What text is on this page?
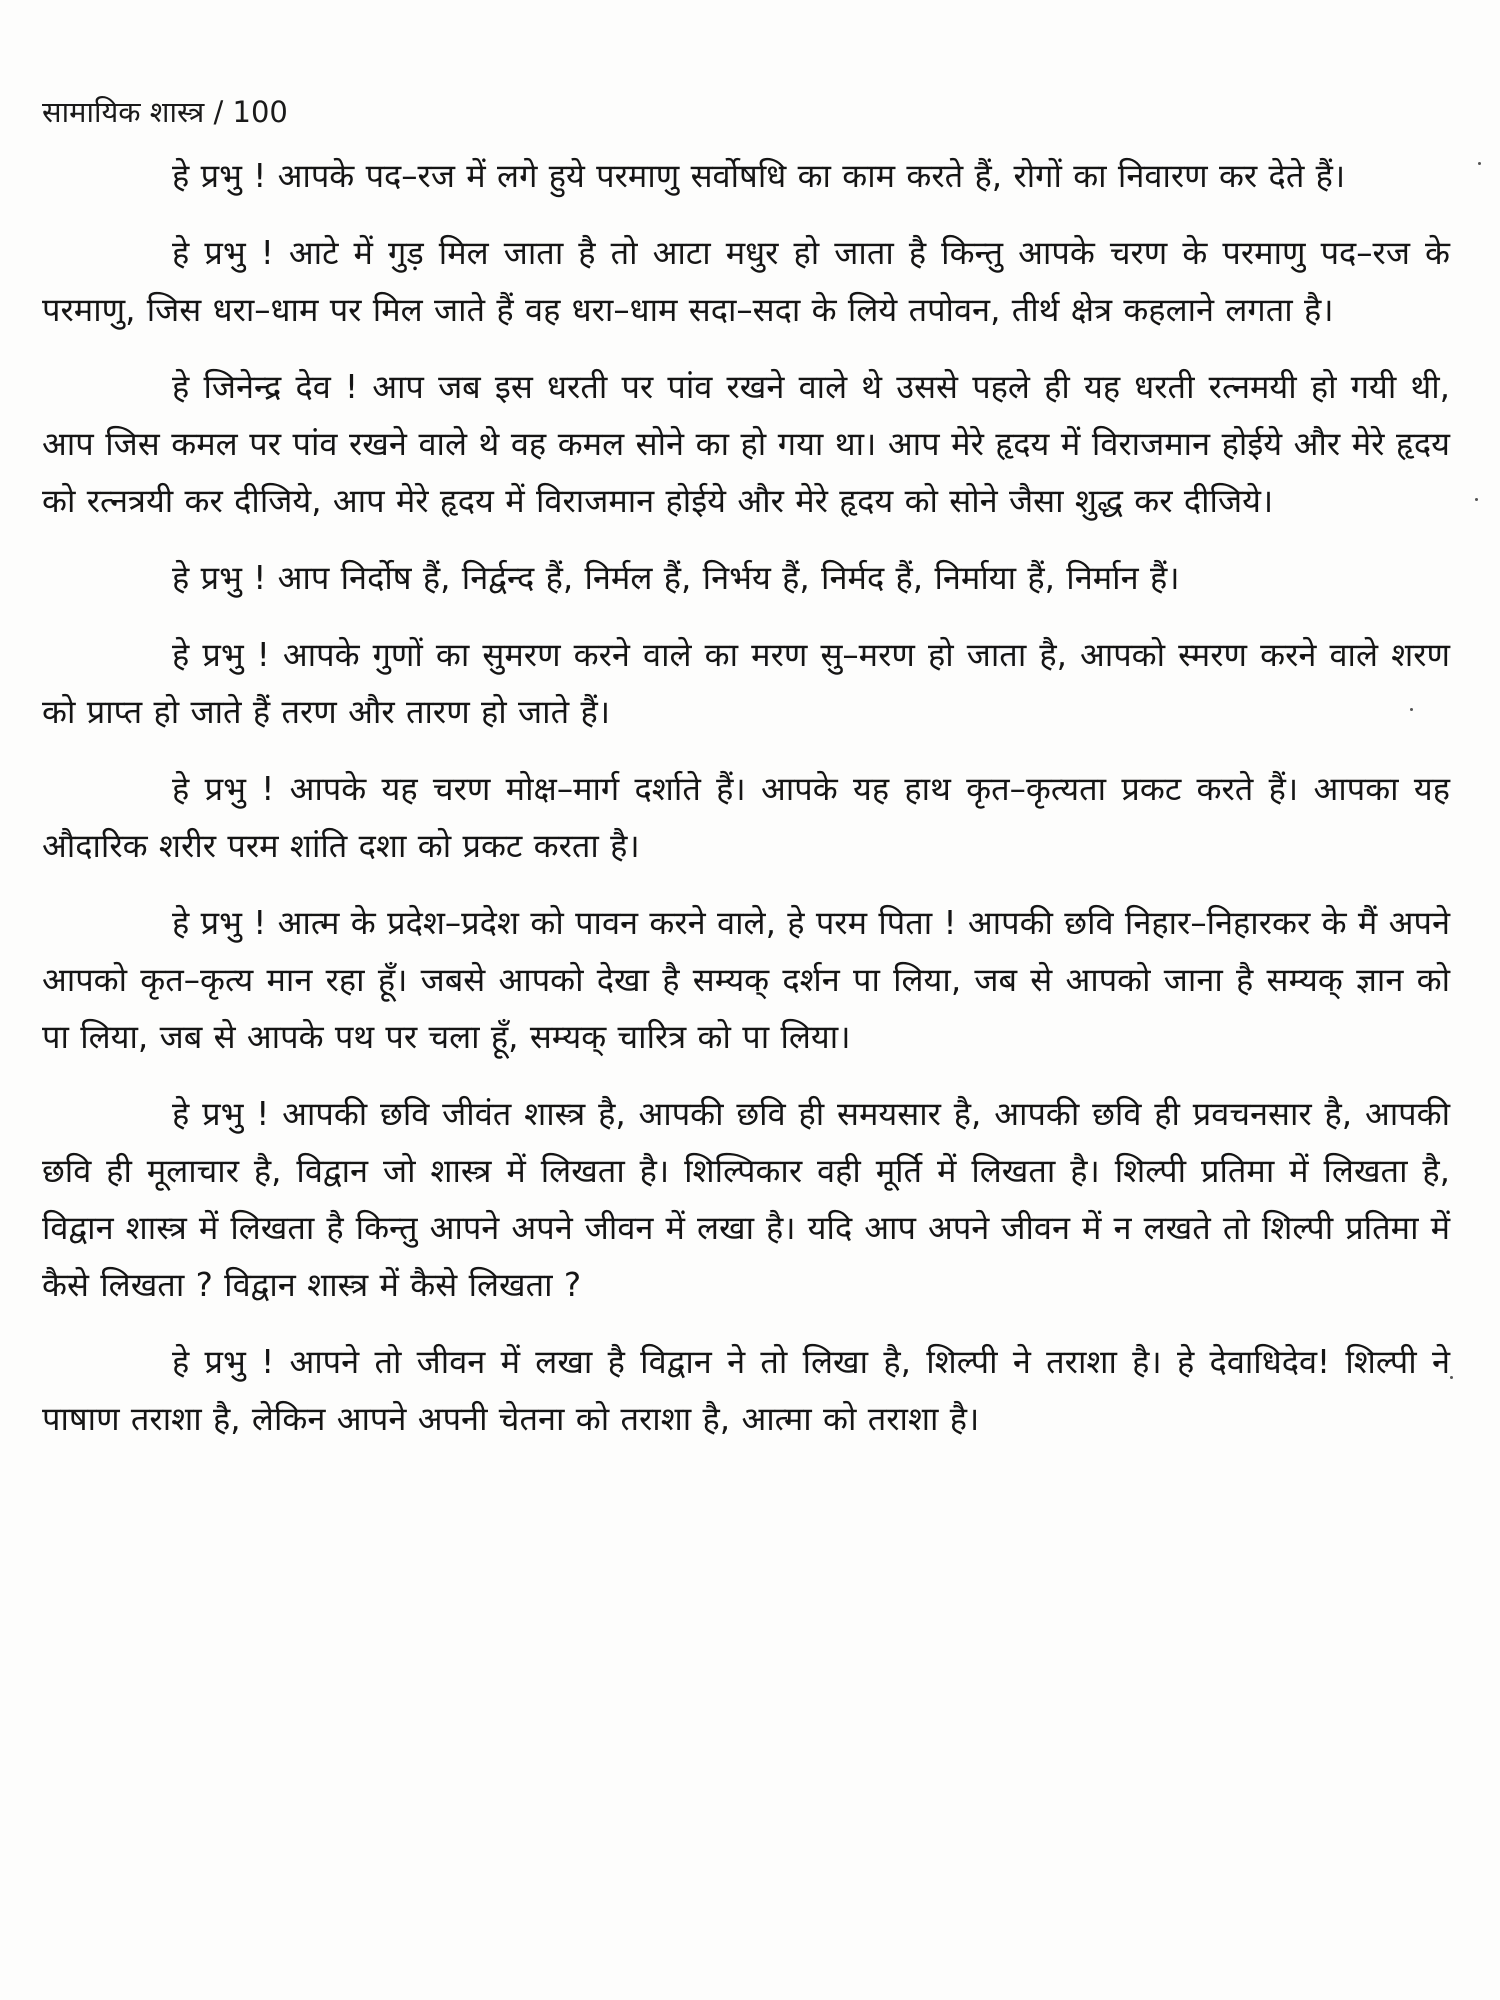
सामायिक शास्त्र / 100

हे प्रभु ! आपके पद–रज में लगे हुये परमाणु सर्वोषधि का काम करते हैं, रोगों का निवारण कर देते हैं।

हे प्रभु ! आटे में गुड़ मिल जाता है तो आटा मधुर हो जाता है किन्तु आपके चरण के परमाणु पद–रज के परमाणु, जिस धरा–धाम पर मिल जाते हैं वह धरा–धाम सदा–सदा के लिये तपोवन, तीर्थ क्षेत्र कहलाने लगता है।

हे जिनेन्द्र देव ! आप जब इस धरती पर पांव रखने वाले थे उससे पहले ही यह धरती रत्नमयी हो गयी थी, आप जिस कमल पर पांव रखने वाले थे वह कमल सोने का हो गया था। आप मेरे हृदय में विराजमान होईये और मेरे हृदय को रत्नत्रयी कर दीजिये, आप मेरे हृदय में विराजमान होईये और मेरे हृदय को सोने जैसा शुद्ध कर दीजिये।

हे प्रभु ! आप निर्दोष हैं, निर्द्वन्द हैं, निर्मल हैं, निर्भय हैं, निर्मद हैं, निर्माया हैं, निर्मान हैं।

हे प्रभु ! आपके गुणों का सुमरण करने वाले का मरण सु–मरण हो जाता है, आपको स्मरण करने वाले शरण को प्राप्त हो जाते हैं तरण और तारण हो जाते हैं।

हे प्रभु ! आपके यह चरण मोक्ष–मार्ग दर्शाते हैं। आपके यह हाथ कृत–कृत्यता प्रकट करते हैं। आपका यह औदारिक शरीर परम शांति दशा को प्रकट करता है।

हे प्रभु ! आत्म के प्रदेश–प्रदेश को पावन करने वाले, हे परम पिता ! आपकी छवि निहार–निहारकर के मैं अपने आपको कृत–कृत्य मान रहा हूँ। जबसे आपको देखा है सम्यक् दर्शन पा लिया, जब से आपको जाना है सम्यक् ज्ञान को पा लिया, जब से आपके पथ पर चला हूँ, सम्यक् चारित्र को पा लिया।

हे प्रभु ! आपकी छवि जीवंत शास्त्र है, आपकी छवि ही समयसार है, आपकी छवि ही प्रवचनसार है, आपकी छवि ही मूलाचार है, विद्वान जो शास्त्र में लिखता है। शिल्पिकार वही मूर्ति में लिखता है। शिल्पी प्रतिमा में लिखता है, विद्वान शास्त्र में लिखता है किन्तु आपने अपने जीवन में लखा है। यदि आप अपने जीवन में न लखते तो शिल्पी प्रतिमा में कैसे लिखता ? विद्वान शास्त्र में कैसे लिखता ?

हे प्रभु ! आपने तो जीवन में लखा है विद्वान ने तो लिखा है, शिल्पी ने तराशा है। हे देवाधिदेव! शिल्पी ने पाषाण तराशा है, लेकिन आपने अपनी चेतना को तराशा है, आत्मा को तराशा है।
